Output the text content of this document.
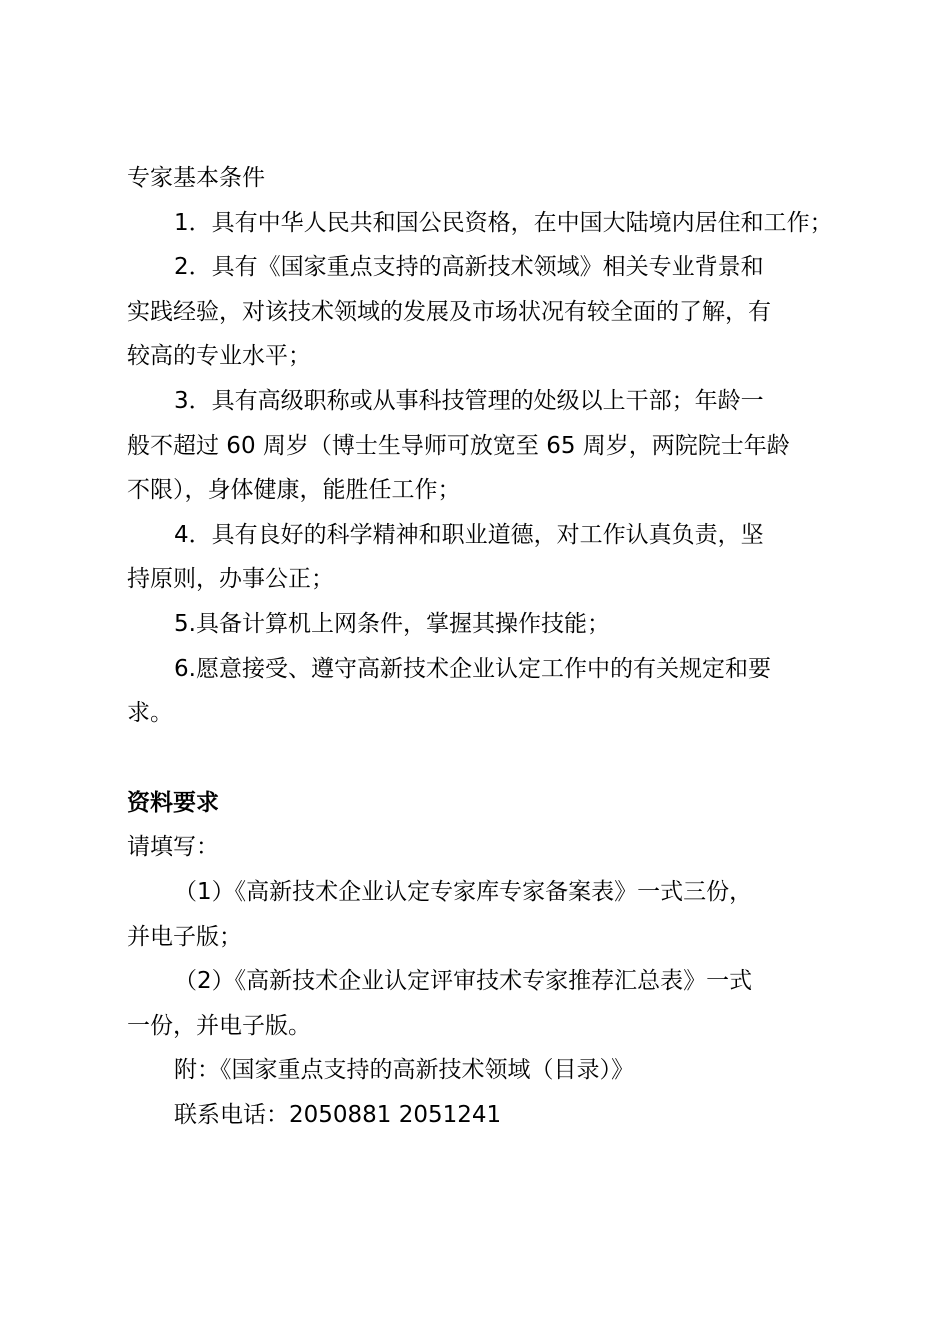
专家基本条件
1．具有中华人民共和国公民资格，在中国大陆境内居住和工作；
2．具有《国家重点支持的高新技术领域》相关专业背景和
实践经验，对该技术领域的发展及市场状况有较全面的了解，有
较高的专业水平；
3．具有高级职称或从事科技管理的处级以上干部；年龄一
般不超过 60 周岁（博士生导师可放宽至 65 周岁，两院院士年龄
不限），身体健康，能胜任工作；
4．具有良好的科学精神和职业道德，对工作认真负责，坚
持原则，办事公正；
5.具备计算机上网条件，掌握其操作技能；
6.愿意接受、遵守高新技术企业认定工作中的有关规定和要
求。
资料要求
请填写：
（1）《高新技术企业认定专家库专家备案表》一式三份，
并电子版；
（2）《高新技术企业认定评审技术专家推荐汇总表》一式
一份，并电子版。
附：《国家重点支持的高新技术领域（目录）》
联系电话：2050881 2051241
